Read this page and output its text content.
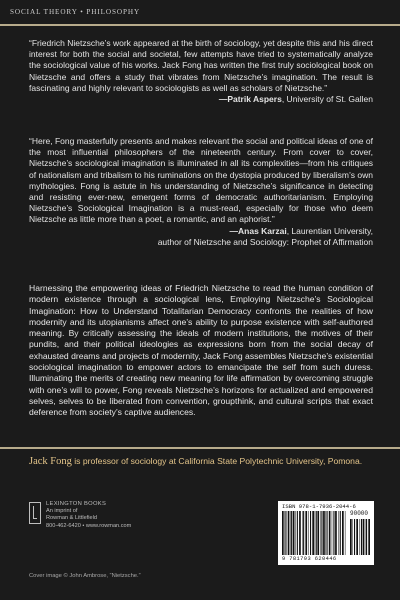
SOCIAL THEORY • PHILOSOPHY

“Friedrich Nietzsche’s work appeared at the birth of sociology, yet despite this and his direct interest for both the social and societal, few attempts have tried to systematically analyze the sociological value of his works. Jack Fong has written the first truly sociological book on Nietzsche and offers a study that vibrates from Nietzsche’s imagination. The result is fascinating and highly relevant to sociologists as well as scholars of Nietzsche.”

—Patrik Aspers, University of St. Gallen

“Here, Fong masterfully presents and makes relevant the social and political ideas of one of the most influential philosophers of the nineteenth century. From cover to cover, Nietzsche’s sociological imagination is illuminated in all its complexities—from his critiques of nationalism and tribalism to his ruminations on the dystopia produced by liberalism’s own mythologies. Fong is astute in his understanding of Nietzsche’s significance in detecting and resisting ever-new, emergent forms of democratic authoritarianism. Employing Nietzsche’s Sociological Imagination is a must-read, especially for those who deem Nietzsche as little more than a poet, a romantic, and an aphorist.”

—Anas Karzai, Laurentian University,
author of Nietzsche and Sociology: Prophet of Affirmation

Harnessing the empowering ideas of Friedrich Nietzsche to read the human condition of modern existence through a sociological lens, Employing Nietzsche’s Sociological Imagination: How to Understand Totalitarian Democracy confronts the realities of how modernity and its utopianisms affect one’s ability to purpose existence with self-authored meaning. By critically assessing the ideals of modern institutions, the motives of their pundits, and their political ideologies as expressions born from the social decay of exhausted dreams and projects of modernity, Jack Fong assembles Nietzsche’s existential sociological imagination to empower actors to emancipate the self from such duress. Illuminating the merits of creating new meaning for life affirmation by overcoming struggle with one’s will to power, Fong reveals Nietzsche’s horizons for actualized and empowered selves, selves to be liberated from convention, groupthink, and cultural scripts that exact deference from society’s captive audiences.

Jack Fong is professor of sociology at California State Polytechnic University, Pomona.
LEXINGTON BOOKS
An imprint of
Rowman & Littlefield
800-462-6420 • www.rowman.com
Cover image © John Ambrose, “Nietzsche.”
ISBN 978-1-7936-2044-6
90000
9 781793 620446
